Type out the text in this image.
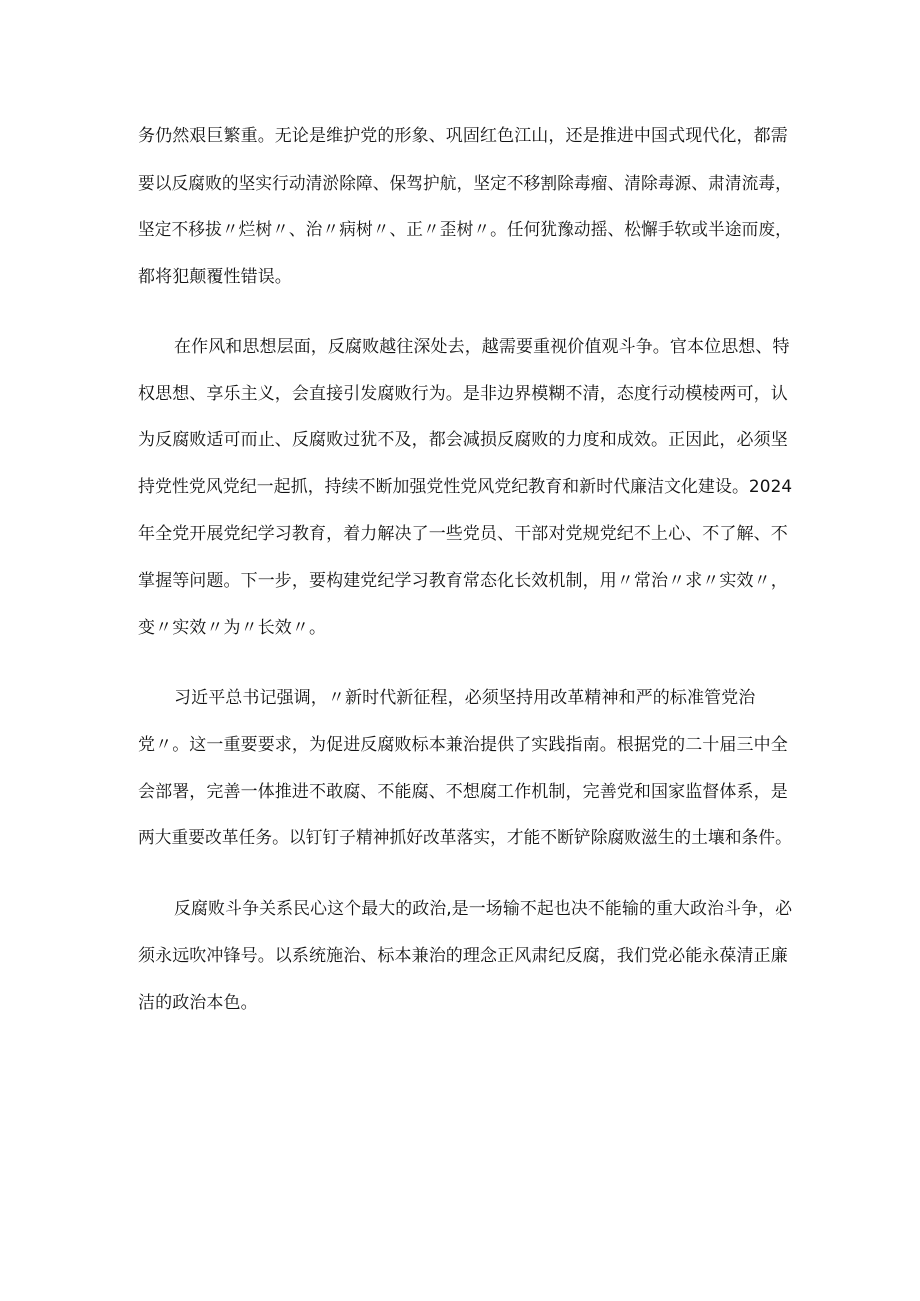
务仍然艰巨繁重。无论是维护党的形象、巩固红色江山，还是推进中国式现代化，都需
要以反腐败的坚实行动清淤除障、保驾护航，坚定不移割除毒瘤、清除毒源、肃清流毒，
坚定不移拔〃烂树〃、治〃病树〃、正〃歪树〃。任何犹豫动摇、松懈手软或半途而废，
都将犯颠覆性错误。
在作风和思想层面，反腐败越往深处去，越需要重视价值观斗争。官本位思想、特
权思想、享乐主义，会直接引发腐败行为。是非边界模糊不清，态度行动模棱两可，认
为反腐败适可而止、反腐败过犹不及，都会减损反腐败的力度和成效。正因此，必须坚
持党性党风党纪一起抓，持续不断加强党性党风党纪教育和新时代廉洁文化建设。2024
年全党开展党纪学习教育，着力解决了一些党员、干部对党规党纪不上心、不了解、不
掌握等问题。下一步，要构建党纪学习教育常态化长效机制，用〃常治〃求〃实效〃，
变〃实效〃为〃长效〃。
习近平总书记强调，〃新时代新征程，必须坚持用改革精神和严的标准管党治
党〃。这一重要要求，为促进反腐败标本兼治提供了实践指南。根据党的二十届三中全
会部署，完善一体推进不敢腐、不能腐、不想腐工作机制，完善党和国家监督体系，是
两大重要改革任务。以钉钉子精神抓好改革落实，才能不断铲除腐败滋生的土壤和条件。
反腐败斗争关系民心这个最大的政治,是一场输不起也决不能输的重大政治斗争，必
须永远吹冲锋号。以系统施治、标本兼治的理念正风肃纪反腐，我们党必能永葆清正廉
洁的政治本色。
